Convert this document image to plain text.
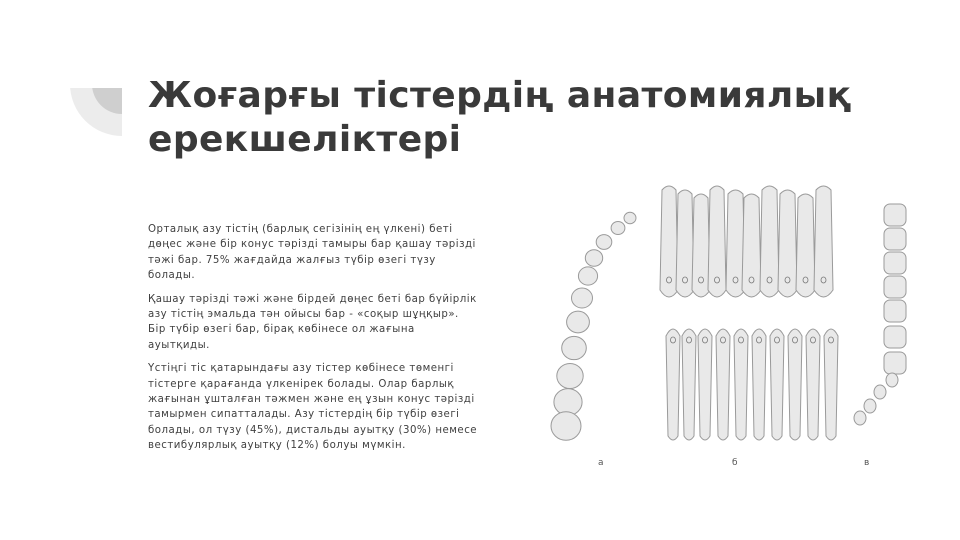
Жоғарғы тістердің анатомиялық ерекшеліктері

Орталық азу тістің (барлық сегізінің ең үлкені) беті дөңес және бір конус тәрізді тамыры бар қашау тәрізді тәжі бар. 75% жағдайда жалғыз түбір өзегі түзу болады.

Қашау тәрізді тәжі және бірдей дөңес беті бар бүйірлік азу тістің эмальда тән ойысы бар - «соқыр шұңқыр». Бір түбір өзегі бар, бірақ көбінесе ол жағына ауытқиды.

Үстіңгі тіс қатарындағы азу тістер көбінесе төменгі тістерге қарағанда үлкенірек болады. Олар барлық жағынан ұшталған тәжмен және ең ұзын конус тәрізді тамырмен сипатталады. Азу тістердің бір түбір өзегі болады, ол түзу (45%), дистальды ауытқу (30%) немесе вестибулярлық ауытқу (12%) болуы мүмкін.

а	б	в
